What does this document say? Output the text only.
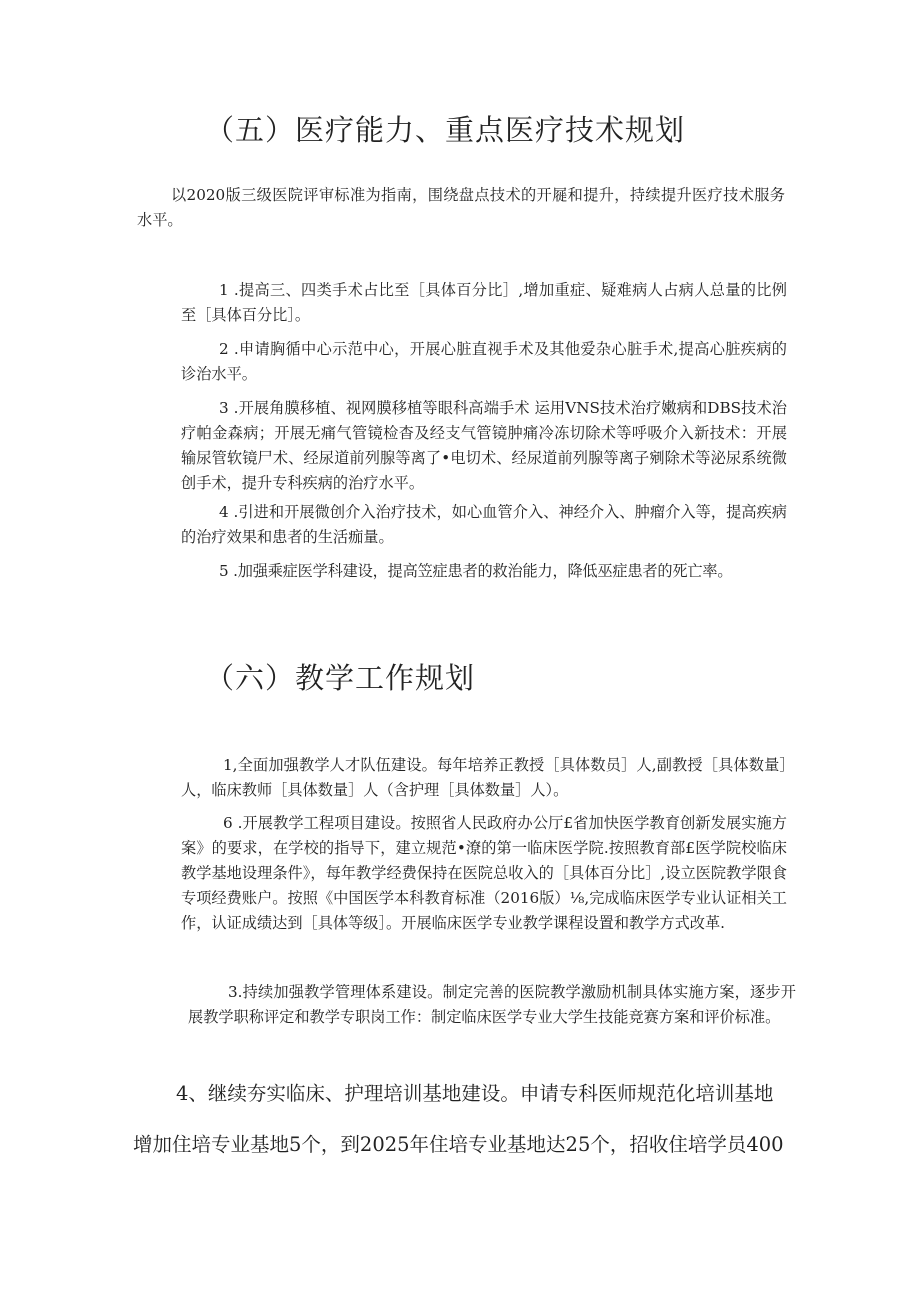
（五）医疗能力、重点医疗技术规划

以2020版三级医院评审标准为指南，围绕盘点技术的开屣和提升，持续提升医疗技术服务水平。

1 .提高三、四类手术占比至［具体百分比］,增加重症、疑难病人占病人总量的比例至［具体百分比］。

2 .申请胸循中心示范中心，开展心脏直视手术及其他爱杂心脏手术,提高心脏疾病的诊治水平。

3 .开展角膜移植、视网膜移植等眼科高端手术 运用VNS技术治疗嫩病和DBS技术治疗帕金森病；开展无痛气管镜检杳及经支气管镜肿痛冷冻切除术等呼吸介入新技术：开展输尿管软镜尸术、经尿道前列腺等离了•电切术、经尿道前列腺等离子剜除术等泌尿系统微创手术，提升专科疾病的治疗水平。

4 .引进和开展微创介入治疗技术，如心血管介入、神经介入、肿瘤介入等，提高疾病的治疗效果和患者的生活痂量。

5 .加强乘症医学科建设，提高笠症患者的救治能力，降低巫症患者的死亡率。

（六）教学工作规划

1,全面加强教学人才队伍建设。每年培养正教授［具体数员］人,副教授［具体数量］人，临床教师［具体数量］人（含护理［具体数量］人）。

6 .开展教学工程项目建设。按照省人民政府办公厅£省加快医学教育创新发展实施方案》的要求，在学校的指导下，建立规范•潦的第一临床医学院.按照教育部£医学院校临床教学基地设理条件》，每年教学经费保持在医院总收入的［具体百分比］,设立医院教学限食专项经费账户。按照《中国医学本科教育标准（2016版）⅛,完成临床医学专业认证相关工作，认证成绩达到［具体等级］。开展临床医学专业教学课程设置和教学方式改革.

3.持续加强教学管理体系建设。制定完善的医院教学激励机制具体实施方案，逐步开展教学职称评定和教学专职岗工作：制定临床医学专业大学生技能竞赛方案和评价标准。

4、继续夯实临床、护理培训基地建设。申请专科医师规范化培训基地

增加住培专业基地5个，到2025年住培专业基地达25个，招收住培学员400
